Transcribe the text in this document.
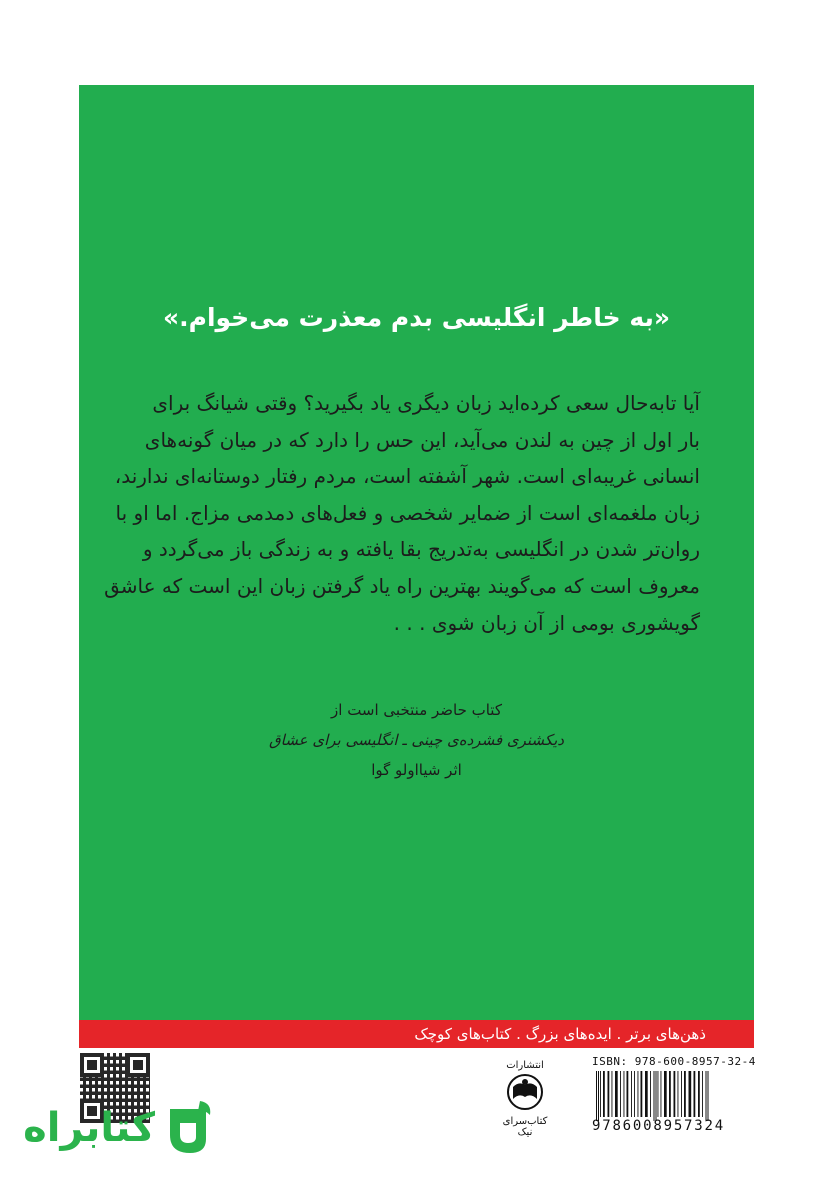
«به خاطر انگلیسی بدم معذرت می‌خوام.»
آیا تابه‌حال سعی کرده‌اید زبان دیگری یاد بگیرید؟ وقتی شیانگ برای
بار اول از چین به لندن می‌آید، این حس را دارد که در میان گونه‌های
انسانی غریبه‌ای است. شهر آشفته است، مردم رفتار دوستانه‌ای ندارند،
زبان ملغمه‌ای است از ضمایر شخصی و فعل‌های دمدمی مزاج. اما او با
روان‌تر شدن در انگلیسی به‌تدریج بقا یافته و به زندگی باز می‌گردد و
معروف است که می‌گویند بهترین راه یاد گرفتن زبان این است که عاشق
گویشوری بومی از آن زبان شوی . . .
کتاب حاضر منتخبی است از
دیکشنری فشرده‌ی چینی ـ انگلیسی برای عشاق
اثر شیااولو گوا
ذهن‌های برتر . ایده‌های بزرگ . کتاب‌های کوچک
کتابراه
انتشارات
کتاب‌سرای نیک
ISBN: 978-600-8957-32-4
9786008957324
